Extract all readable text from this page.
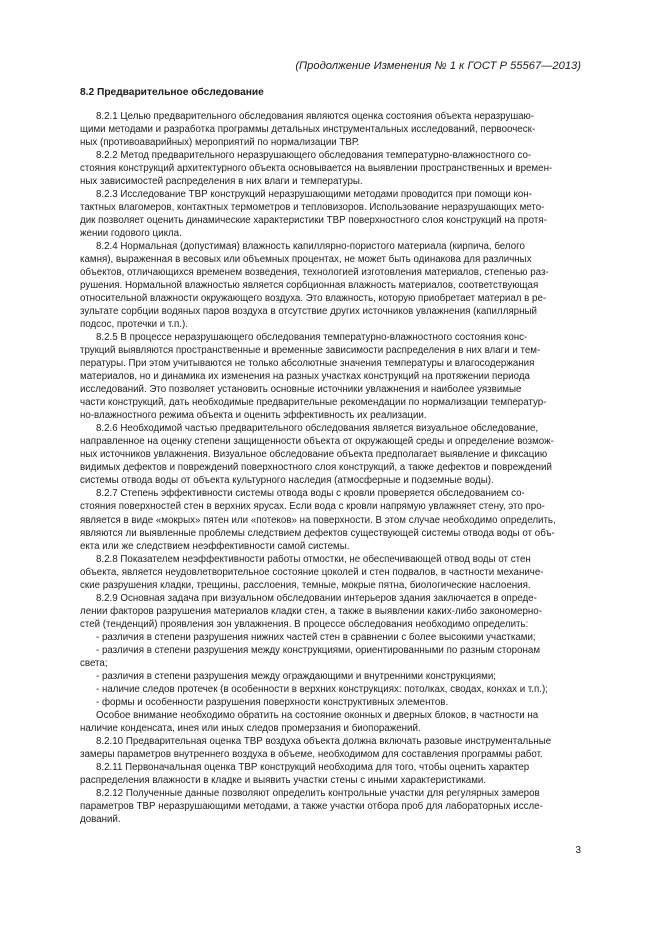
(Продолжение Изменения № 1 к ГОСТ Р 55567—2013)
8.2 Предварительное обследование

8.2.1 Целью предварительного обследования являются оценка состояния объекта неразрушаю-
щими методами и разработка программы детальных инструментальных исследований, первооческ-
ных (противоаварийных) мероприятий по нормализации ТВР.

8.2.2 Метод предварительного неразрушающего обследования температурно-влажностного со-
стояния конструкций архитектурного объекта основывается на выявлении пространственных и времен-
ных зависимостей распределения в них влаги и температуры.

8.2.3 Исследование ТВР конструкций неразрушающими методами проводится при помощи кон-
тактных влагомеров, контактных термометров и тепловизоров. Использование неразрушающих мето-
дик позволяет оценить динамические характеристики ТВР поверхностного слоя конструкций на протя-
жении годового цикла.

8.2.4 Нормальная (допустимая) влажность капиллярно-пористого материала (кирпича, белого
камня), выраженная в весовых или объемных процентах, не может быть одинакова для различных
объектов, отличающихся временем возведения, технологией изготовления материалов, степенью раз-
рушения. Нормальной влажностью является сорбционная влажность материалов, соответствующая
относительной влажности окружающего воздуха. Это влажность, которую приобретает материал в ре-
зультате сорбции водяных паров воздуха в отсутствие других источников увлажнения (капиллярный
подсос, протечки и т.п.).

8.2.5 В процессе неразрушающего обследования температурно-влажностного состояния конс-
трукций выявляются пространственные и временные зависимости распределения в них влаги и тем-
пературы. При этом учитываются не только абсолютные значения температуры и влагосодержания
материалов, но и динамика их изменения на разных участках конструкций на протяжении периода
исследований. Это позволяет установить основные источники увлажнения и наиболее уязвимые
части конструкций, дать необходимые предварительные рекомендации по нормализации температур-
но-влажностного режима объекта и оценить эффективность их реализации.

8.2.6 Необходимой частью предварительного обследования является визуальное обследование,
направленное на оценку степени защищенности объекта от окружающей среды и определение возмож-
ных источников увлажнения. Визуальное обследование объекта предполагает выявление и фиксацию
видимых дефектов и повреждений поверхностного слоя конструкций, а также дефектов и повреждений
системы отвода воды от объекта культурного наследия (атмосферные и подземные воды).

8.2.7 Степень эффективности системы отвода воды с кровли проверяется обследованием со-
стояния поверхностей стен в верхних ярусах. Если вода с кровли напрямую увлажняет стену, это про-
является в виде «мокрых» пятен или «потеков» на поверхности. В этом случае необходимо определить,
являются ли выявленные проблемы следствием дефектов существующей системы отвода воды от объ-
екта или же следствием неэффективности самой системы.

8.2.8 Показателем неэффективности работы отмостки, не обеспечивающей отвод воды от стен
объекта, является неудовлетворительное состояние цоколей и стен подвалов, в частности механиче-
ские разрушения кладки, трещины, расслоения, темные, мокрые пятна, биологические наслоения.

8.2.9 Основная задача при визуальном обследовании интерьеров здания заключается в опреде-
лении факторов разрушения материалов кладки стен, а также в выявлении каких-либо закономерно-
стей (тенденций) проявления зон увлажнения. В процессе обследования необходимо определить:

- различия в степени разрушения нижних частей стен в сравнении с более высокими участками;

- различия в степени разрушения между конструкциями, ориентированными по разным сторонам
света;

- различия в степени разрушения между ограждающими и внутренними конструкциями;

- наличие следов протечек (в особенности в верхних конструкциях: потолках, сводах, конхах и т.п.);

- формы и особенности разрушения поверхности конструктивных элементов.

Особое внимание необходимо обратить на состояние оконных и дверных блоков, в частности на
наличие конденсата, инея или иных следов промерзания и биопоражений.

8.2.10 Предварительная оценка ТВР воздуха объекта должна включать разовые инструментальные
замеры параметров внутреннего воздуха в объеме, необходимом для составления программы работ.

8.2.11 Первоначальная оценка ТВР конструкций необходима для того, чтобы оценить характер
распределения влажности в кладке и выявить участки стены с иными характеристиками.

8.2.12 Полученные данные позволяют определить контрольные участки для регулярных замеров
параметров ТВР неразрушающими методами, а также участки отбора проб для лабораторных иссле-
дований.

3
